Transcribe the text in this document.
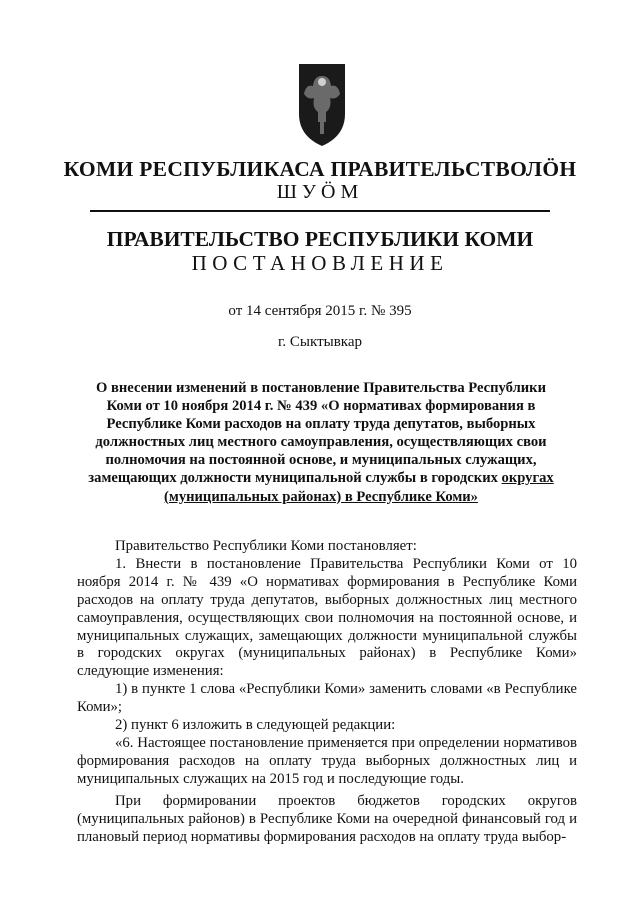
КОМИ РЕСПУБЛИКАСА ПРАВИТЕЛЬСТВОЛÖН
ШУÖМ
ПРАВИТЕЛЬСТВО РЕСПУБЛИКИ КОМИ
ПОСТАНОВЛЕНИЕ
от 14 сентября 2015 г. № 395
г. Сыктывкар
О внесении изменений в постановление Правительства Республики Коми от 10 ноября 2014 г. № 439 «О нормативах формирования в Республике Коми расходов на оплату труда депутатов, выборных должностных лиц местного самоуправления, осуществляющих свои полномочия на постоянной основе, и муниципальных служащих, замещающих должности муниципальной службы в городских округах (муниципальных районах) в Республике Коми»

Правительство Республики Коми постановляет:

1. Внести в постановление Правительства Республики Коми от 10 ноября 2014 г. № 439 «О нормативах формирования в Республике Коми расходов на оплату труда депутатов, выборных должностных лиц местного самоуправления, осуществляющих свои полномочия на постоянной основе, и муниципальных служащих, замещающих должности муниципальной службы в городских округах (муниципальных районах) в Республике Коми» следующие изменения:

1) в пункте 1 слова «Республики Коми» заменить словами «в Республике Коми»;

2) пункт 6 изложить в следующей редакции:

«6. Настоящее постановление применяется при определении нормативов формирования расходов на оплату труда выборных должностных лиц и муниципальных служащих на 2015 год и последующие годы.

При формировании проектов бюджетов городских округов (муниципальных районов) в Республике Коми на очередной финансовый год и плановый период нормативы формирования расходов на оплату труда выбор-
